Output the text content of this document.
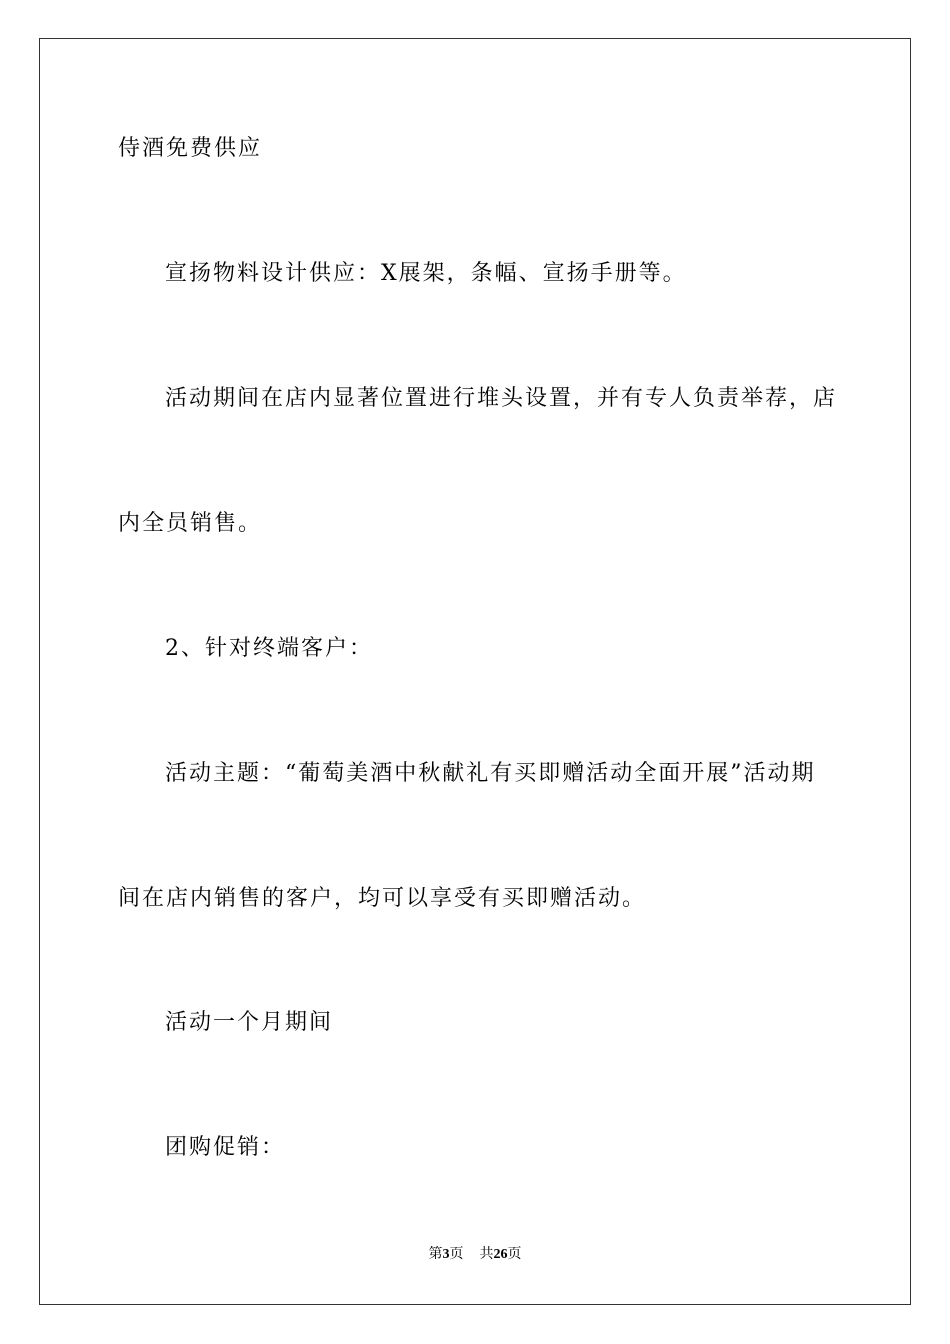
侍酒免费供应
宣扬物料设计供应：X展架，条幅、宣扬手册等。
活动期间在店内显著位置进行堆头设置，并有专人负责举荐，店
内全员销售。
2、针对终端客户：
活动主题：“葡萄美酒中秋献礼有买即赠活动全面开展”活动期
间在店内销售的客户，均可以享受有买即赠活动。
活动一个月期间
团购促销：
第3页 共26页
